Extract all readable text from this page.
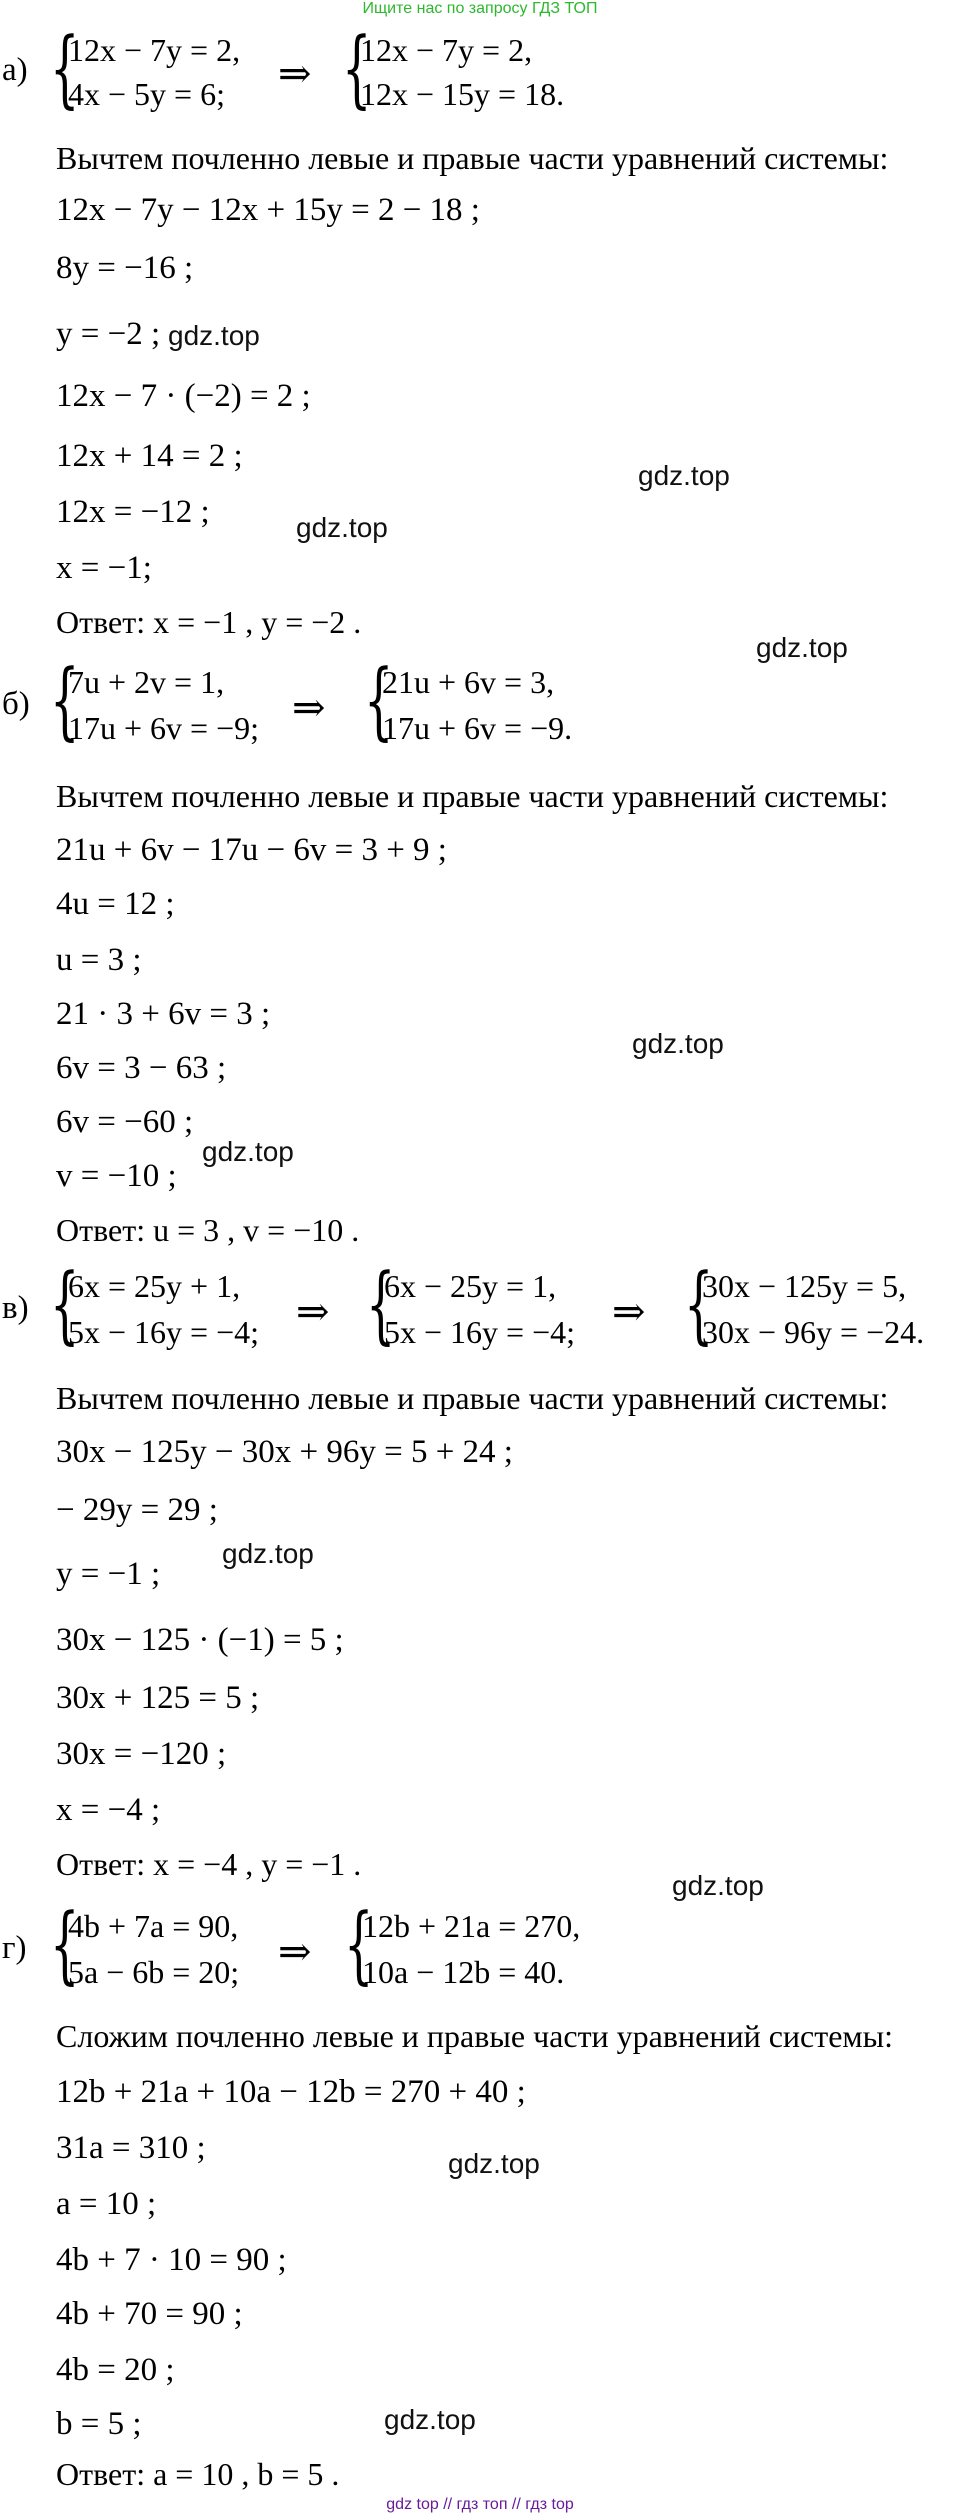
Ищите нас по запросу ГДЗ ТОП
а) {
12x − 7y = 2,
4x − 5y = 6; ⇒ {
12x − 7y = 2,
12x − 15y = 18.
Вычтем почленно левые и правые части уравнений системы:
12x − 7y − 12x + 15y = 2 − 18 ;
8y = −16 ;
y = −2 ;
12x − 7 · (−2) = 2 ;
12x + 14 = 2 ;
12x = −12 ;
x = −1;
Ответ: x = −1 , y = −2 .
б) {
7u + 2v = 1,
17u + 6v = −9; ⇒ {
21u + 6v = 3,
17u + 6v = −9.
Вычтем почленно левые и правые части уравнений системы:
21u + 6v − 17u − 6v = 3 + 9 ;
4u = 12 ;
u = 3 ;
21 · 3 + 6v = 3 ;
6v = 3 − 63 ;
6v = −60 ;
v = −10 ;
Ответ: u = 3 , v = −10 .
в) {
6x = 25y + 1,
5x − 16y = −4; ⇒ {
6x − 25y = 1,
5x − 16y = −4; ⇒ {
30x − 125y = 5,
30x − 96y = −24.
Вычтем почленно левые и правые части уравнений системы:
30x − 125y − 30x + 96y = 5 + 24 ;
− 29y = 29 ;
y = −1 ;
30x − 125 · (−1) = 5 ;
30x + 125 = 5 ;
30x = −120 ;
x = −4 ;
Ответ: x = −4 , y = −1 .
г) {
4b + 7a = 90,
5a − 6b = 20; ⇒ {
12b + 21a = 270,
10a − 12b = 40.
Сложим почленно левые и правые части уравнений системы:
12b + 21a + 10a − 12b = 270 + 40 ;
31a = 310 ;
a = 10 ;
4b + 7 · 10 = 90 ;
4b + 70 = 90 ;
4b = 20 ;
b = 5 ;
Ответ: a = 10 , b = 5 .
gdz.top
gdz.top
gdz.top
gdz.top
gdz.top
gdz.top
gdz.top
gdz.top
gdz.top
gdz.top
gdz top // гдз топ // гдз top
